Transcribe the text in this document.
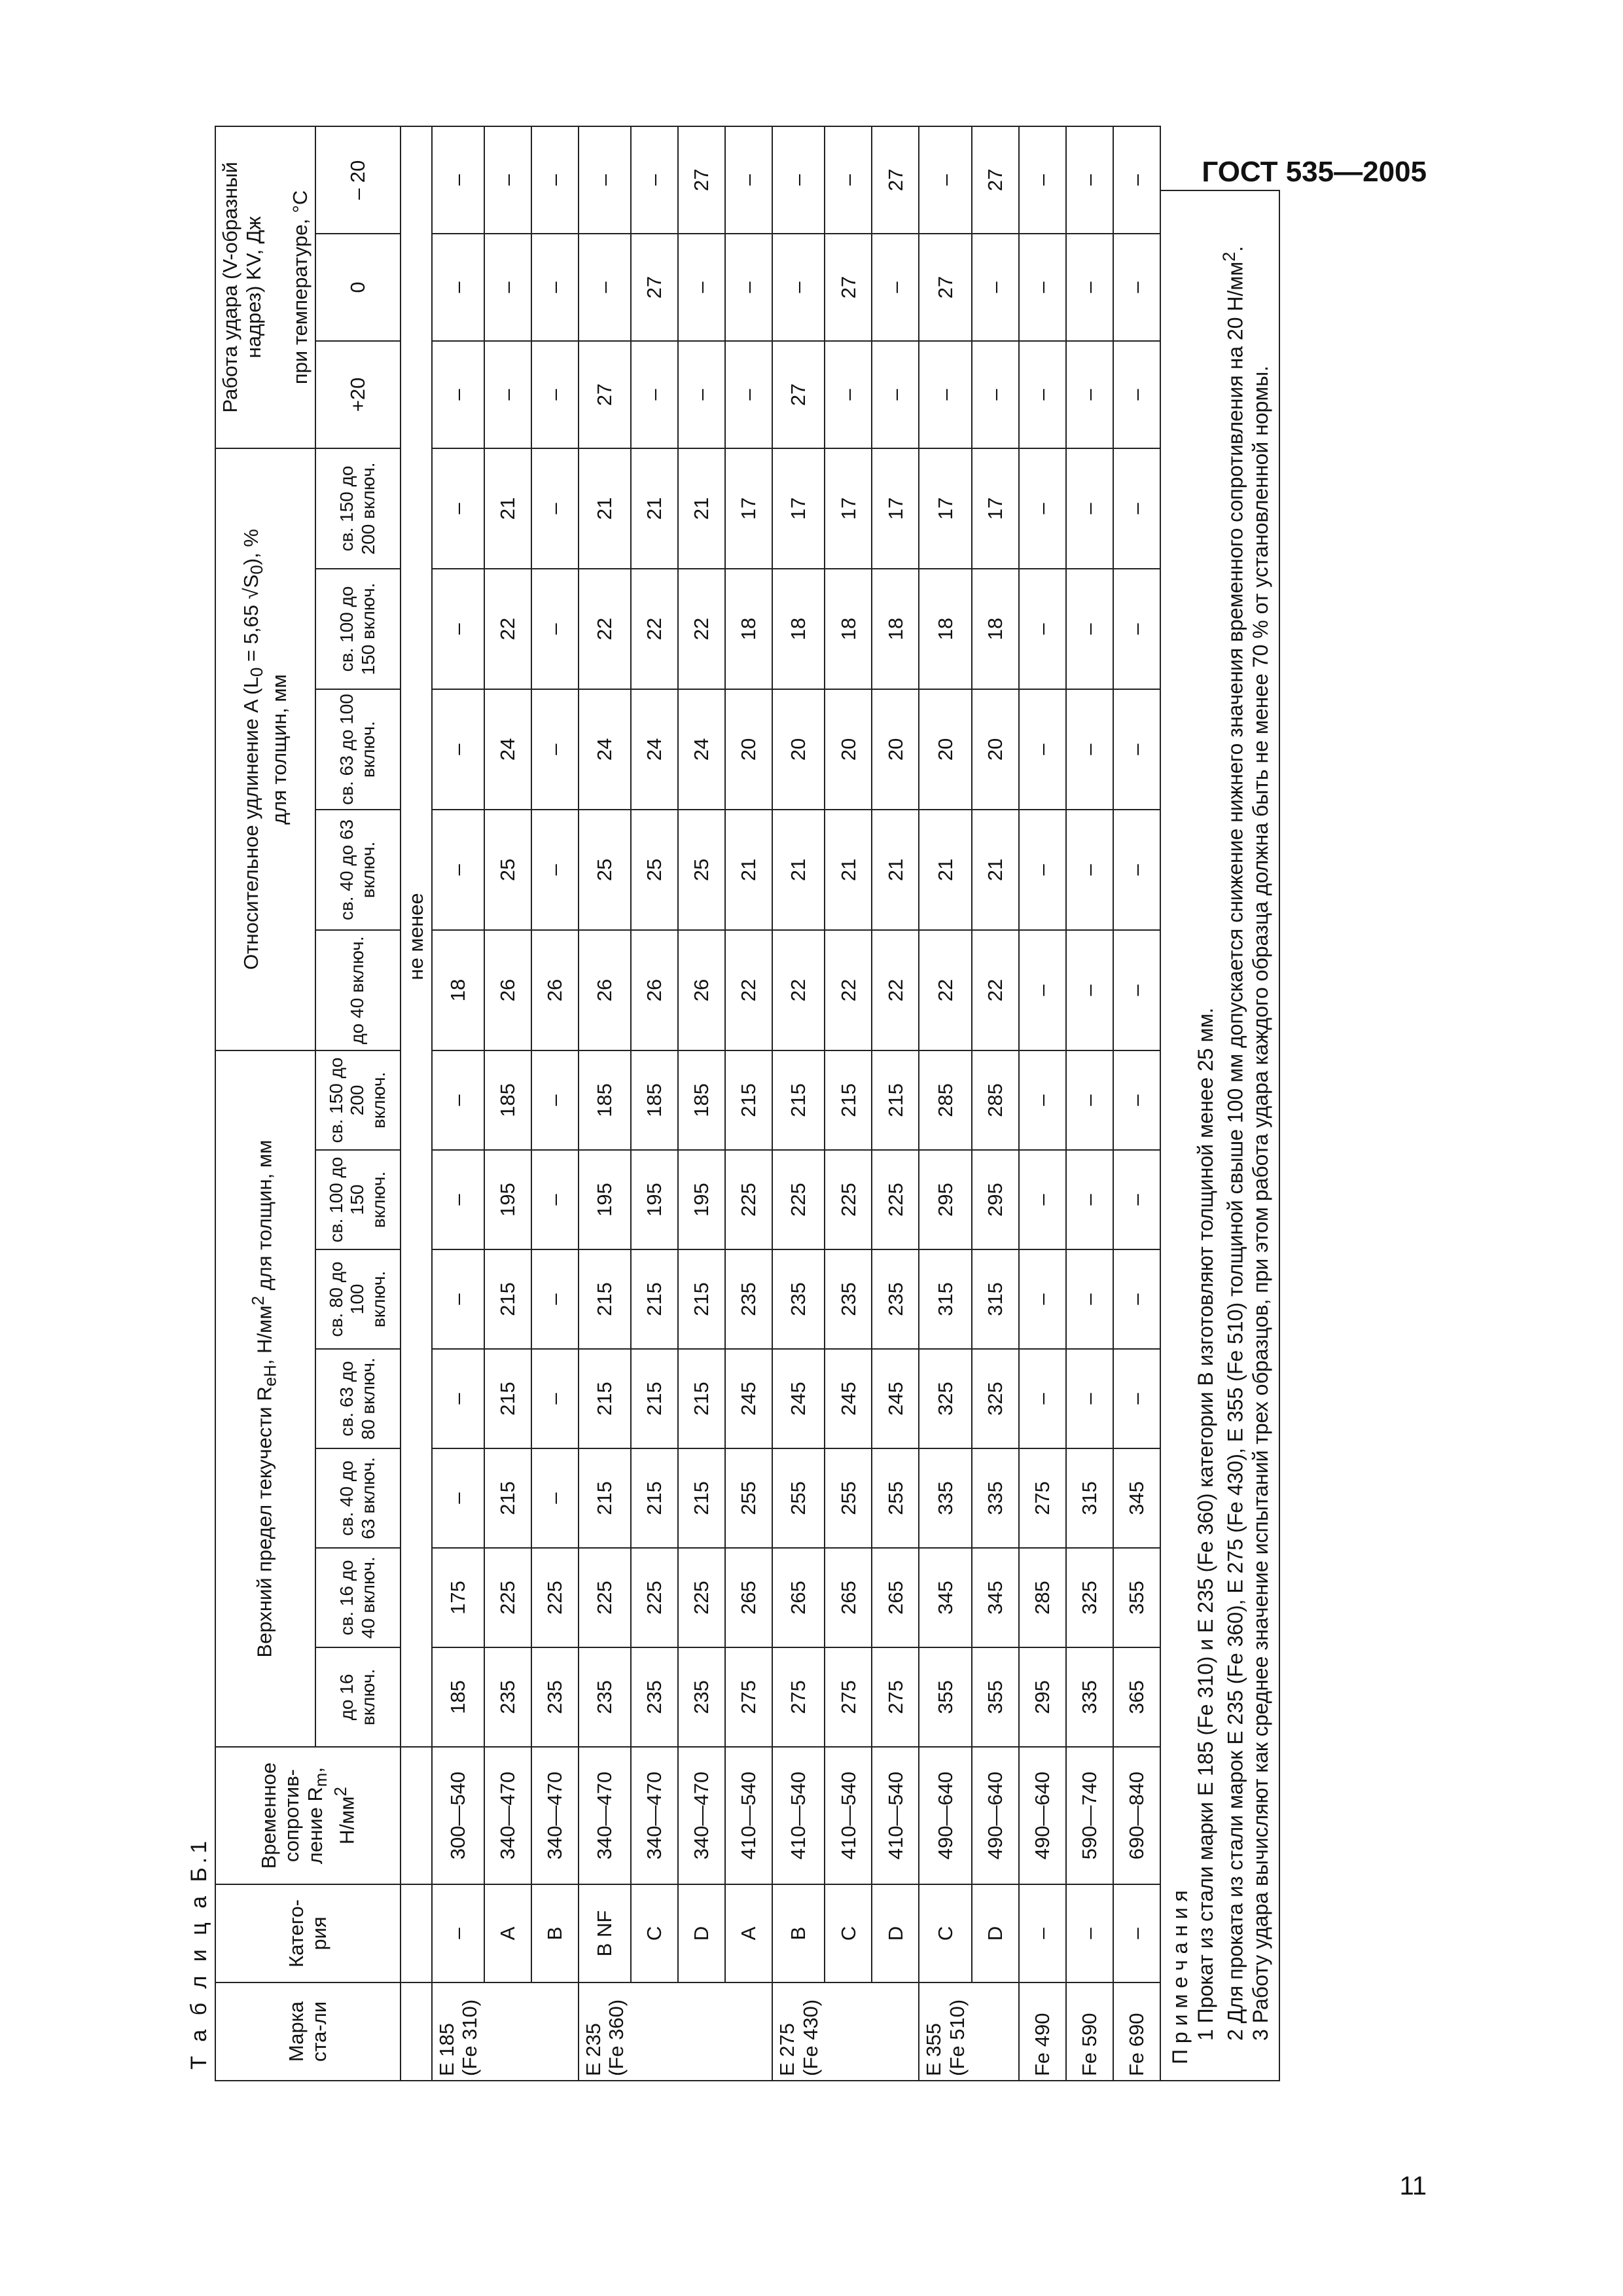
ГОСТ 535—2005
Т а б л и ц а Б.1	Марка ста-ли	Катего-рия	Временное сопротив-
ление $R_m$,
$Н/мм^2$	Верхний предел текучести $R_{eH}$, $Н/мм^2$ для толщин, мм							Относительное удлинение A ($L_0 = 5,65$ $√S_0$), %
для толщин, мм					Работа удара (V-образный надрез) KV, Дж при температуре, °С		
			до 16 включ.	св. 16 до 40 включ.	св. 40 до 63 включ.	св. 63 до 80 включ.	св. 80 до 100 включ.	св. 100 до 150 включ.	св. 150 до 200 включ.	до 40 включ.	св. 40 до 63 включ.	св. 63 до 100 включ.	св. 100 до 150 включ.	св. 150 до 200 включ.	+20	0	– 20
			не менее														
E 185 (Fe 310)	–	300—540	185	175	–	–	–	–	–	18	–	–	–	–	–	–	–
	A	340—470	235	225	215	215	215	195	185	26	25	24	22	21	–	–	–
	B	340—470	235	225	–	–	–	–	–	26	–	–	–	–	–	–	–
E 235 (Fe 360)	B NF	340—470	235	225	215	215	215	195	185	26	25	24	22	21	27	–	–
	C	340—470	235	225	215	215	215	195	185	26	25	24	22	21	–	27	–
	D	340—470	235	225	215	215	215	195	185	26	25	24	22	21	–	–	27
	A	410—540	275	265	255	245	235	225	215	22	21	20	18	17	–	–	–
E 275 (Fe 430)	B	410—540	275	265	255	245	235	225	215	22	21	20	18	17	27	–	–
	C	410—540	275	265	255	245	235	225	215	22	21	20	18	17	–	27	–
	D	410—540	275	265	255	245	235	225	215	22	21	20	18	17	–	–	27
E 355 (Fe 510)	C	490—640	355	345	335	325	315	295	285	22	21	20	18	17	–	27	–
	D	490—640	355	345	335	325	315	295	285	22	21	20	18	17	–	–	27
Fe 490	–	490—640	295	285	275	–	–	–	–	–	–	–	–	–	–	–	–
Fe 590	–	590—740	335	325	315	–	–	–	–	–	–	–	–	–	–	–	–
Fe 690	–	690—840	365	355	345	–	–	–	–	–	–	–	–	–	–	–	–
П р и м е ч а н и я 1 Прокат из стали марки E 185 (Fe 310) и E 235 (Fe 360) категории B изготовляют толщиной менее 25 мм. 2 Для проката из стали марок E 235 (Fe 360), E 275 (Fe 430), E 355 (Fe 510) толщиной свыше 100 мм допускается снижение нижнего значения временного сопротивления на 20 $Н/мм^2$.
3 Работу удара вычисляют как среднее значение испытаний трех образцов, при этом работа удара каждого образца должна быть не менее 70 % от установленной нормы.
11
